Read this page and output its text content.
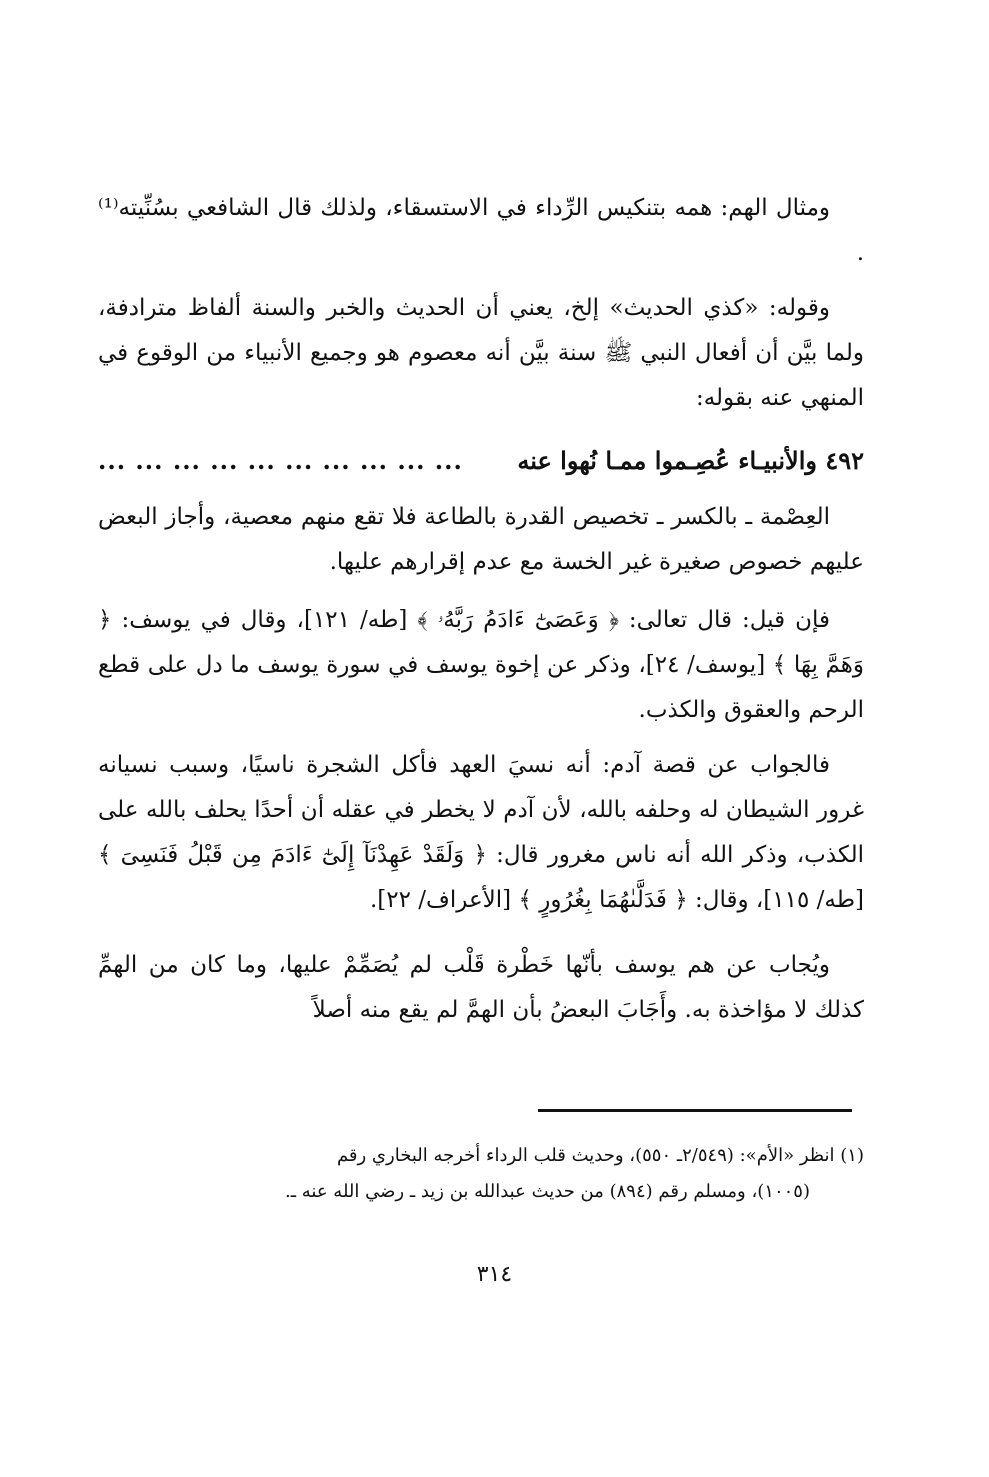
ومثال الهم: همه بتنكيس الرِّداء في الاستسقاء، ولذلك قال الشافعي بسُنِّيته⁽¹⁾ .

وقوله: «كذي الحديث» إلخ، يعني أن الحديث والخبر والسنة ألفاظ مترادفة، ولما بيَّن أن أفعال النبي ﷺ سنة بيَّن أنه معصوم هو وجميع الأنبياء من الوقوع في المنهي عنه بقوله:

٤٩٢ والأنبيـاء عُصِـموا ممـا نُهوا عنه
... ... ... ... ... ... ... ... ... ...

العِصْمة ـ بالكسر ـ تخصيص القدرة بالطاعة فلا تقع منهم معصية، وأجاز البعض عليهم خصوص صغيرة غير الخسة مع عدم إقرارهم عليها.

فإن قيل: قال تعالى: ﴿ وَعَصَىٰٓ ءَادَمُ رَبَّهُۥ ﴾ [طه/ ١٢١]، وقال في يوسف: ﴿ وَهَمَّ بِهَا ﴾ [يوسف/ ٢٤]، وذكر عن إخوة يوسف في سورة يوسف ما دل على قطع الرحم والعقوق والكذب.

فالجواب عن قصة آدم: أنه نسيَ العهد فأكل الشجرة ناسيًا، وسبب نسيانه غرور الشيطان له وحلفه بالله، لأن آدم لا يخطر في عقله أن أحدًا يحلف بالله على الكذب، وذكر الله أنه ناس مغرور قال: ﴿ وَلَقَدْ عَهِدْنَآ إِلَىٰٓ ءَادَمَ مِن قَبْلُ فَنَسِىَ ﴾ [طه/ ١١٥]، وقال: ﴿ فَدَلَّىٰهُمَا بِغُرُورٍ ﴾ [الأعراف/ ٢٢].

ويُجاب عن هم يوسف بأنّها خَطْرة قَلْب لم يُصَمِّمْ عليها، وما كان من الهمِّ كذلك لا مؤاخذة به. وأَجَابَ البعضُ بأن الهمَّ لم يقع منه أصلاً

(١) انظر «الأم»: (٢/٥٤٩ـ ٥٥٠)، وحديث قلب الرداء أخرجه البخاري رقم

(١٠٠٥)، ومسلم رقم (٨٩٤) من حديث عبدالله بن زيد ـ رضي الله عنه ـ.

٣١٤
